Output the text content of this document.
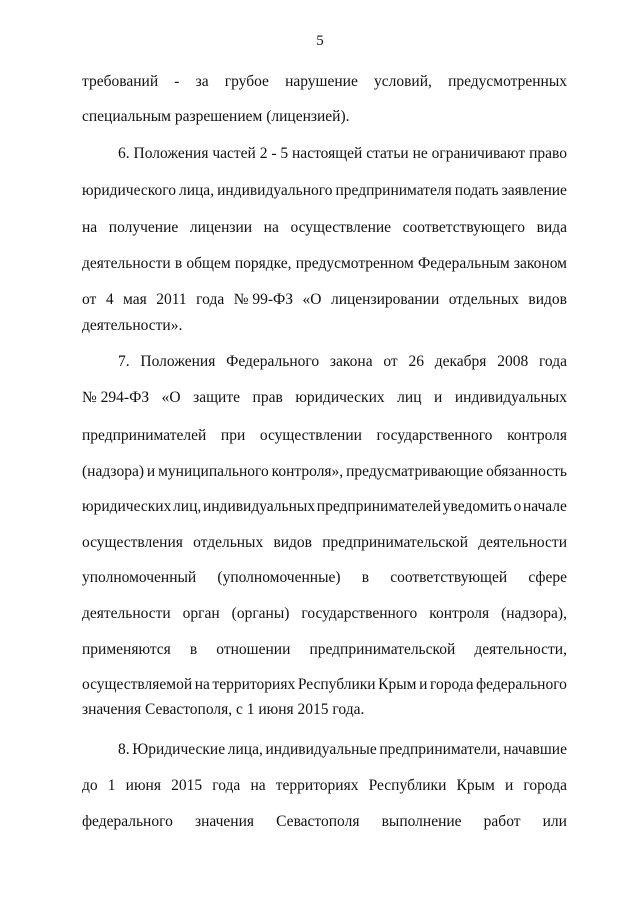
5
требований - за грубое нарушение условий, предусмотренных
специальным разрешением (лицензией).
6. Положения частей 2 - 5 настоящей статьи не ограничивают право
юридического лица, индивидуального предпринимателя подать заявление
на получение лицензии на осуществление соответствующего вида
деятельности в общем порядке, предусмотренном Федеральным законом
от 4 мая 2011 года № 99-ФЗ «О лицензировании отдельных видов
деятельности».
7. Положения Федерального закона от 26 декабря 2008 года
№ 294-ФЗ «О защите прав юридических лиц и индивидуальных
предпринимателей при осуществлении государственного контроля
(надзора) и муниципального контроля», предусматривающие обязанность
юридических лиц, индивидуальных предпринимателей уведомить о начале
осуществления отдельных видов предпринимательской деятельности
уполномоченный (уполномоченные) в соответствующей сфере
деятельности орган (органы) государственного контроля (надзора),
применяются в отношении предпринимательской деятельности,
осуществляемой на территориях Республики Крым и города федерального
значения Севастополя, с 1 июня 2015 года.
8. Юридические лица, индивидуальные предприниматели, начавшие
до 1 июня 2015 года на территориях Республики Крым и города
федерального значения Севастополя выполнение работ или
